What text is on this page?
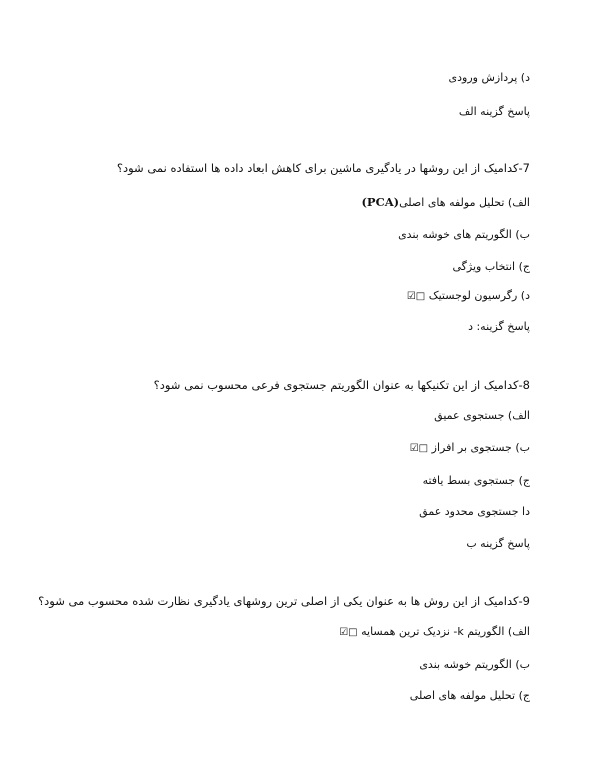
د) پردازش ورودی
پاسخ گزینه الف
7-کدامیک از این روشها در یادگیری ماشین برای کاهش ابعاد داده ها استفاده نمی شود؟
الف) تحلیل مولفه های اصلی(PCA)
ب) الگوریتم های خوشه بندی
ج) انتخاب ویژگی
د) رگرسیون لوجستیک □☑
پاسخ گزینه: د
8-کدامیک از این تکنیکها به عنوان الگوریتم جستجوی فرعی محسوب نمی شود؟
الف) جستجوی عمیق
ب) جستجوی بر افراز □☑
ج) جستجوی بسط یافته
دا جستجوی محدود عمق
پاسخ گزینه ب
9-کدامیک از این روش ها به عنوان یکی از اصلی ترین روشهای یادگیری نظارت شده محسوب می شود؟
الف) الگوریتم k- نزدیک ترین همسایه □☑
ب) الگوریتم خوشه بندی
ج) تحلیل مولفه های اصلی
